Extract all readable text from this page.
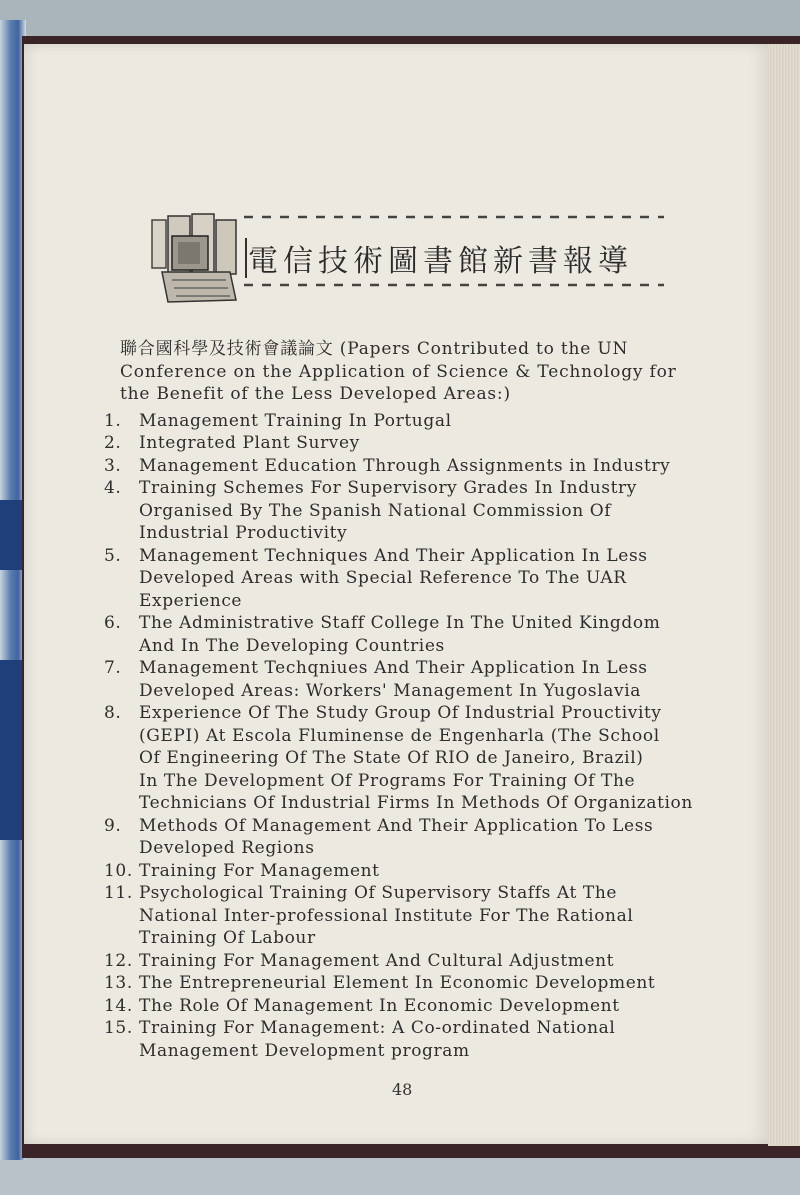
電信技術圖書館新書報導

聯合國科學及技術會議論文 (Papers Contributed to the UN
Conference on the Application of Science & Technology for
the Benefit of the Less Developed Areas:)

1.	Management Training In Portugal
2.	Integrated Plant Survey
3.	Management Education Through Assignments in Industry
4.	Training Schemes For Supervisory Grades In Industry
Organised By The Spanish National Commission Of
Industrial Productivity
5.	Management Techniques And Their Application In Less
Developed Areas with Special Reference To The UAR
Experience
6.	The Administrative Staff College In The United Kingdom
And In The Developing Countries
7.	Management Techqniues And Their Application In Less
Developed Areas: Workers' Management In Yugoslavia
8.	Experience Of The Study Group Of Industrial Prouctivity
(GEPI) At Escola Fluminense de Engenharla (The School
Of Engineering Of The State Of RIO de Janeiro, Brazil)
In The Development Of Programs For Training Of The
Technicians Of Industrial Firms In Methods Of Organization
9.	Methods Of Management And Their Application To Less
Developed Regions
10. Training For Management
11. Psychological Training Of Supervisory Staffs At The
National Inter-professional Institute For The Rational
Training Of Labour
12. Training For Management And Cultural Adjustment
13. The Entrepreneurial Element In Economic Development
14. The Role Of Management In Economic Development
15. Training For Management: A Co-ordinated National
Management Development program
48
